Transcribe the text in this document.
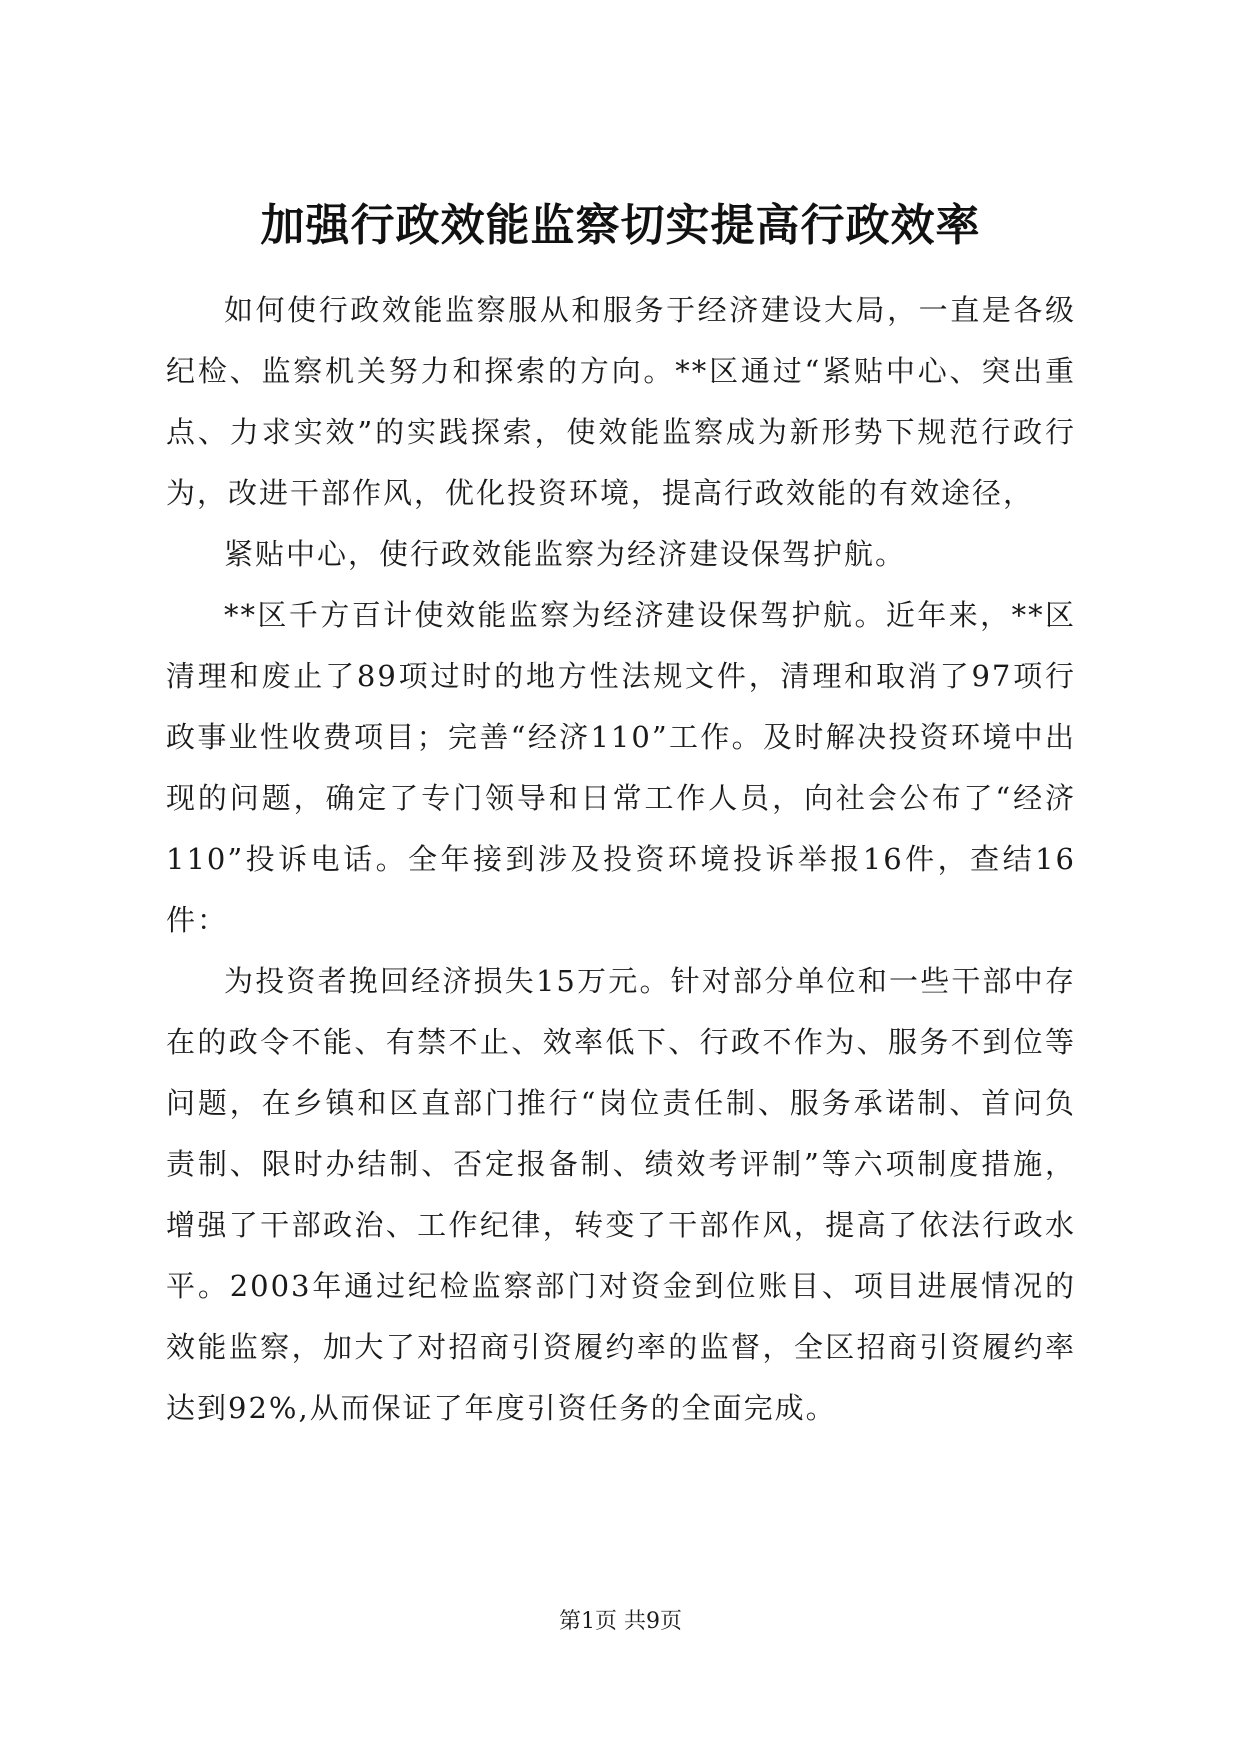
加强行政效能监察切实提高行政效率

如何使行政效能监察服从和服务于经济建设大局，一直是各级纪检、监察机关努力和探索的方向。**区通过“紧贴中心、突出重点、力求实效”的实践探索，使效能监察成为新形势下规范行政行为，改进干部作风，优化投资环境，提高行政效能的有效途径，

紧贴中心，使行政效能监察为经济建设保驾护航。

**区千方百计使效能监察为经济建设保驾护航。近年来，**区清理和废止了89项过时的地方性法规文件，清理和取消了97项行政事业性收费项目；完善“经济110”工作。及时解决投资环境中出现的问题，确定了专门领导和日常工作人员，向社会公布了“经济110”投诉电话。全年接到涉及投资环境投诉举报16件，查结16件：

为投资者挽回经济损失15万元。针对部分单位和一些干部中存在的政令不能、有禁不止、效率低下、行政不作为、服务不到位等问题，在乡镇和区直部门推行“岗位责任制、服务承诺制、首问负责制、限时办结制、否定报备制、绩效考评制”等六项制度措施，增强了干部政治、工作纪律，转变了干部作风，提高了依法行政水平。2003年通过纪检监察部门对资金到位账目、项目进展情况的效能监察，加大了对招商引资履约率的监督，全区招商引资履约率达到92%,从而保证了年度引资任务的全面完成。

第1页 共9页
